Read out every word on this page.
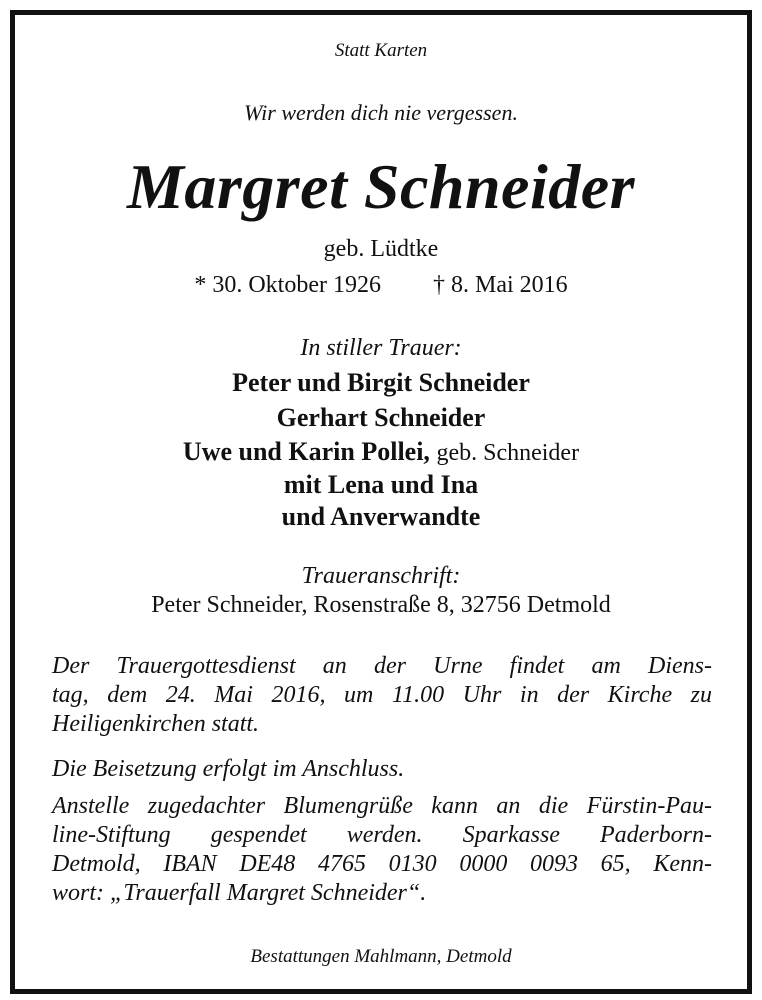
Statt Karten
Wir werden dich nie vergessen.
Margret Schneider
geb. Lüdtke
* 30. Oktober 1926 † 8. Mai 2016
In stiller Trauer:
Peter und Birgit Schneider
Gerhart Schneider
Uwe und Karin Pollei, geb. Schneider
mit Lena und Ina
und Anverwandte
Traueranschrift:
Peter Schneider, Rosenstraße 8, 32756 Detmold
Der Trauergottesdienst an der Urne findet am Diens-
tag, dem 24. Mai 2016, um 11.00 Uhr in der Kirche zu
Heiligenkirchen statt.
Die Beisetzung erfolgt im Anschluss.
Anstelle zugedachter Blumengrüße kann an die Fürstin-Pau-
line-Stiftung gespendet werden. Sparkasse Paderborn-
Detmold, IBAN DE48 4765 0130 0000 0093 65, Kenn-
wort: „Trauerfall Margret Schneider“.
Bestattungen Mahlmann, Detmold
